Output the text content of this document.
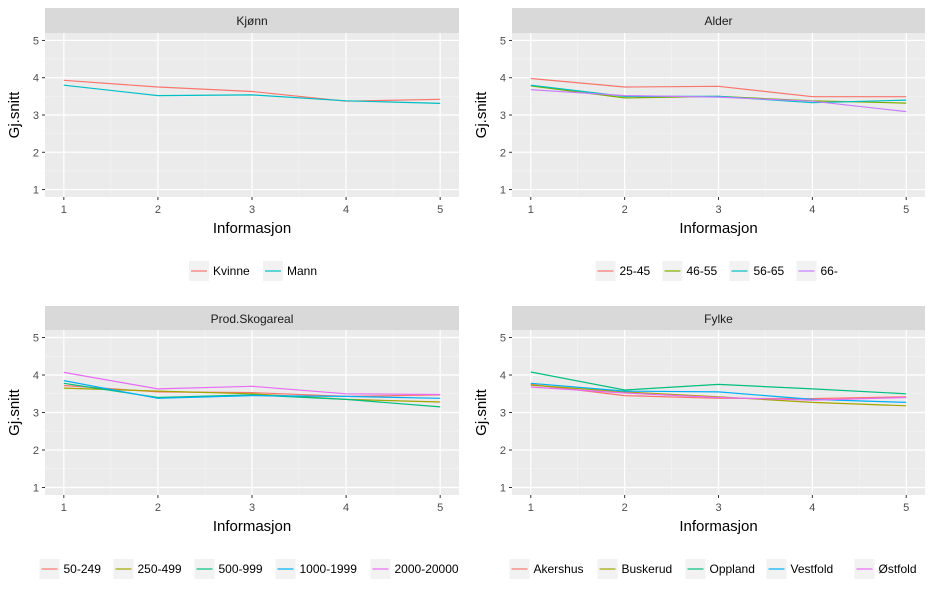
Kjønn
1
2
3
4
5
1	2	3	4	5
Informasjon
Gj.snitt
Kvinne	Mann
Alder
1
2
3
4
5
1	2	3	4	5
Informasjon
Gj.snitt
25-45	46-55	56-65	66-
Prod.Skogareal
1
2
3
4
5
1	2	3	4	5
Informasjon
Gj.snitt
50-249	250-499	500-999	1000-1999	2000-20000
Fylke
1
2
3
4
5
1	2	3	4	5
Informasjon
Gj.snitt
Akershus	Buskerud	Oppland	Vestfold	Østfold
